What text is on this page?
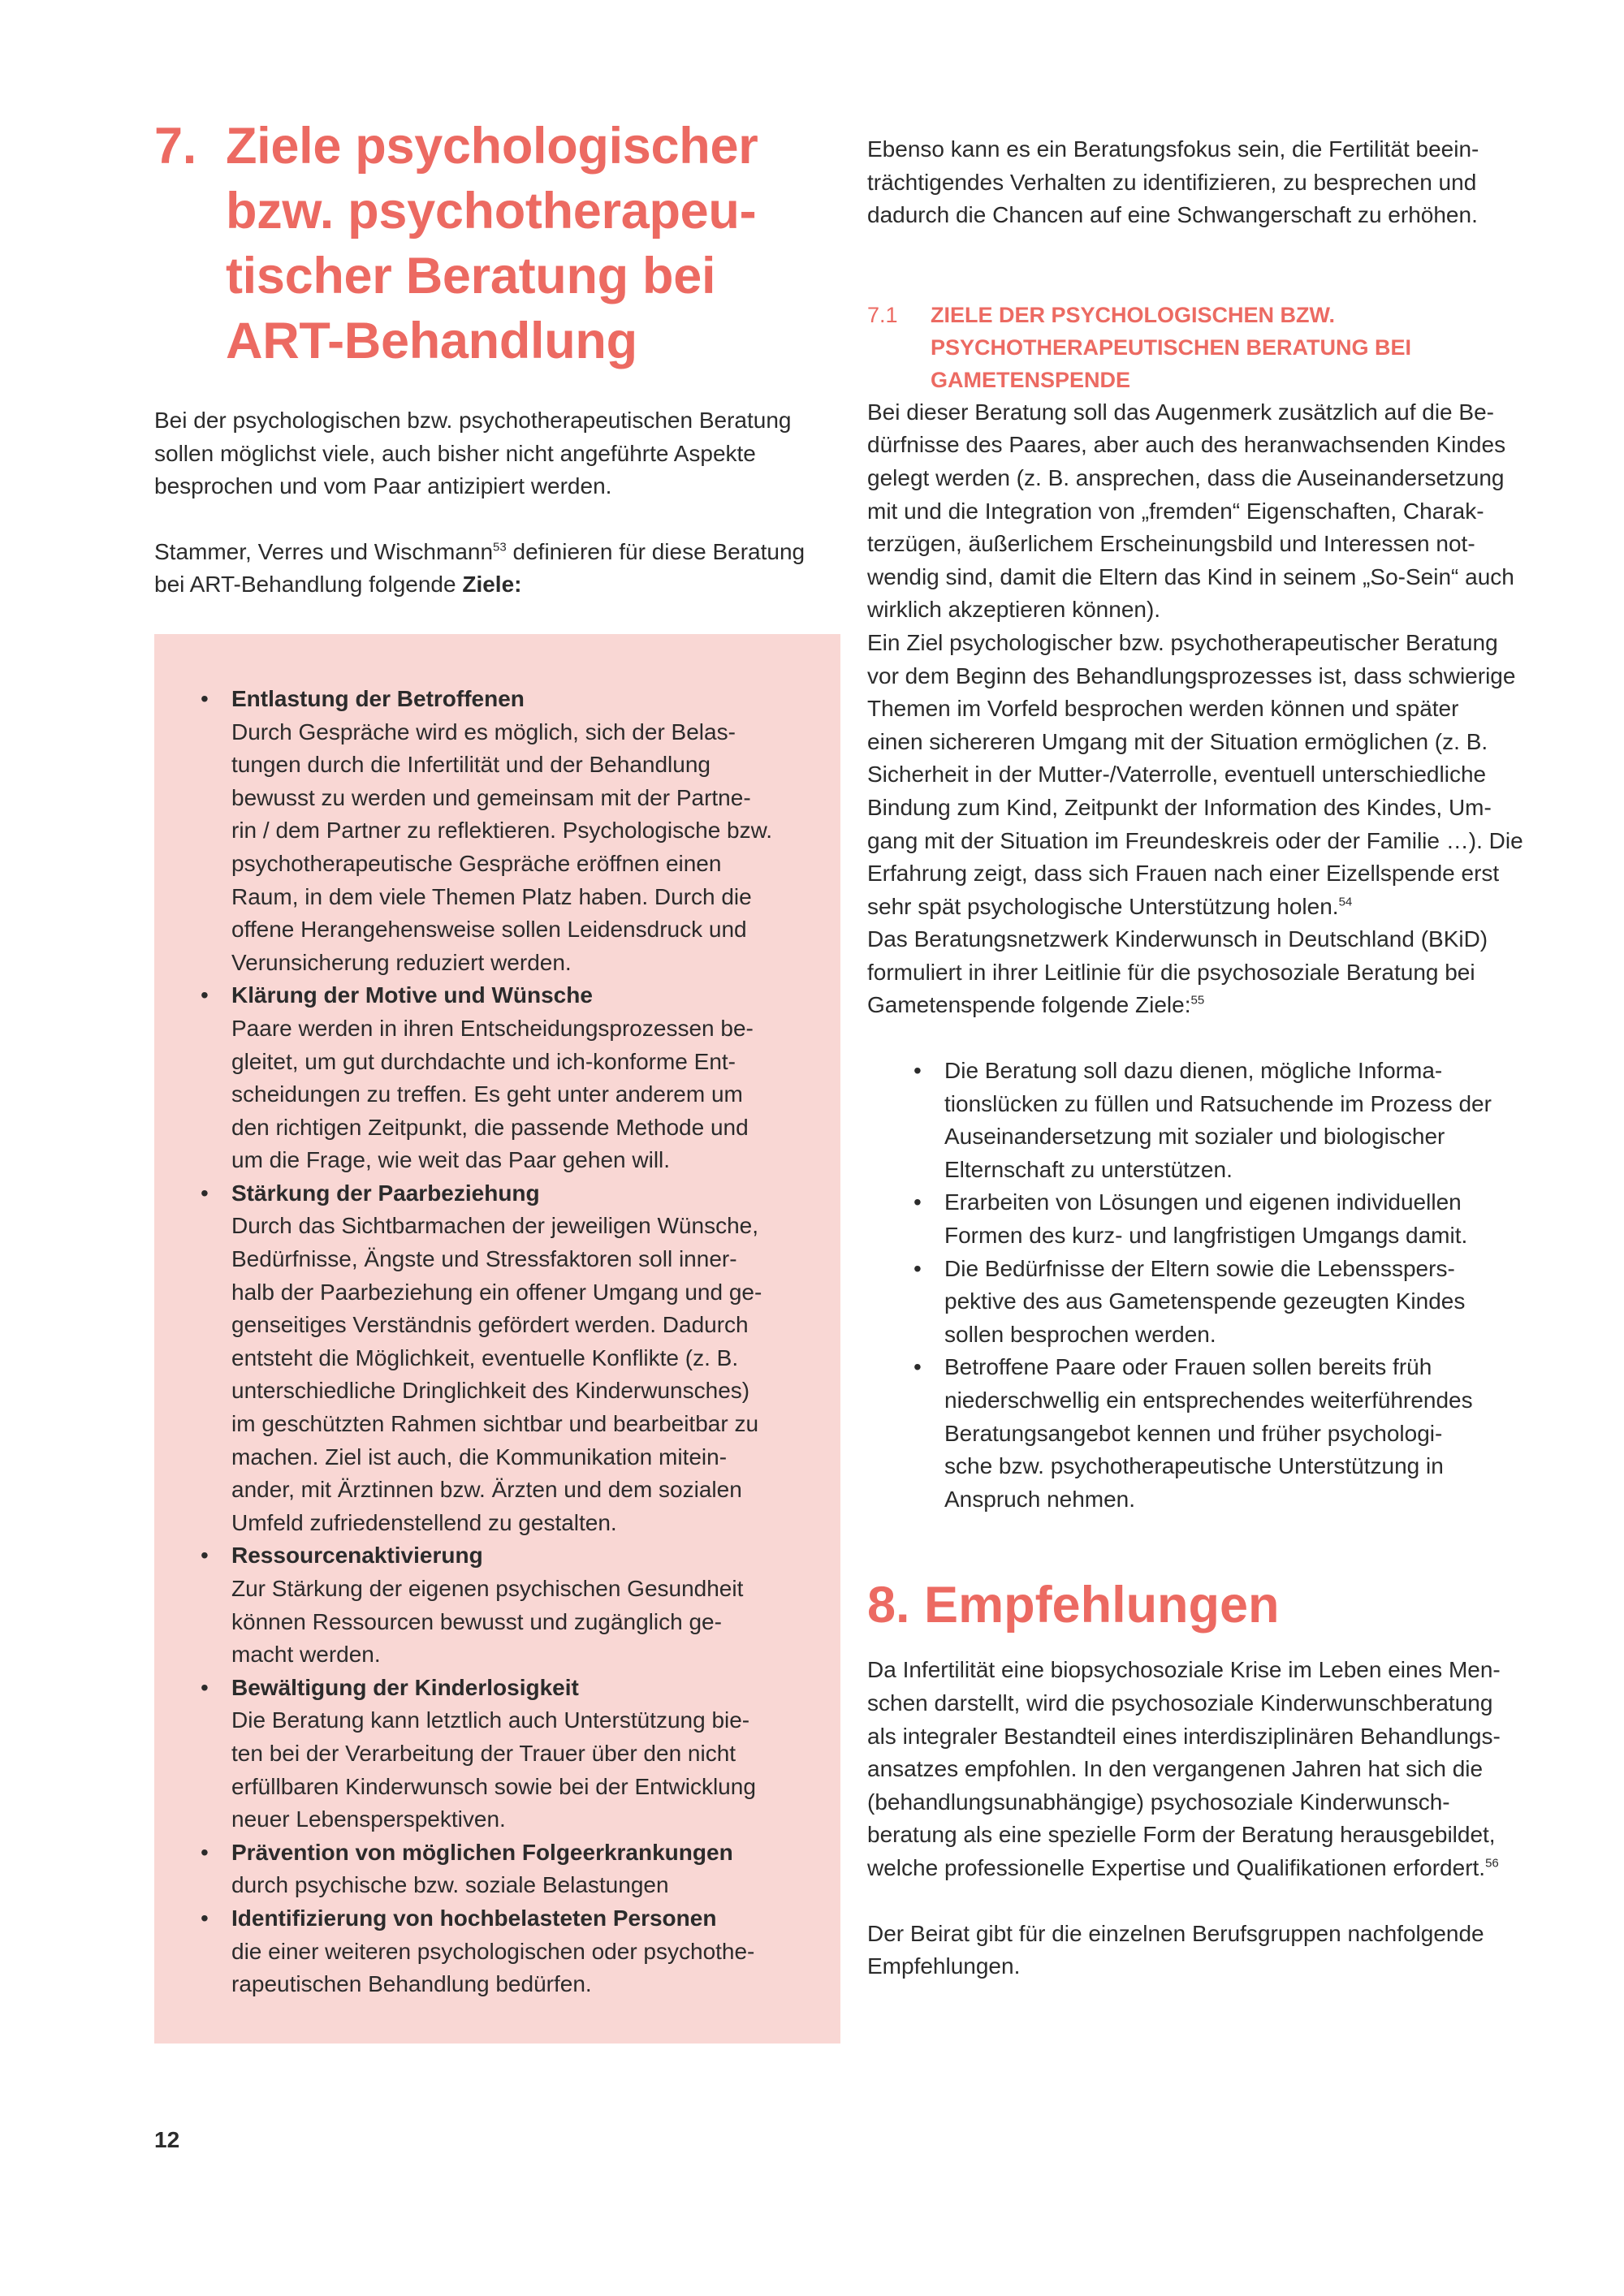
7. Ziele psychologischer
bzw. psychotherapeu-
tischer Beratung bei
ART-Behandlung

Bei der psychologischen bzw. psychotherapeutischen Beratung sollen möglichst viele, auch bisher nicht angeführte Aspekte besprochen und vom Paar antizipiert werden.

Stammer, Verres und Wischmann$^{53}$ definieren für diese Beratung bei ART-Behandlung folgende Ziele:

• Entlastung der Betroffenen
Durch Gespräche wird es möglich, sich der Belas-
tungen durch die Infertilität und der Behandlung
bewusst zu werden und gemeinsam mit der Partne-
rin / dem Partner zu reflektieren. Psychologische bzw.
psychotherapeutische Gespräche eröffnen einen
Raum, in dem viele Themen Platz haben. Durch die
offene Herangehensweise sollen Leidensdruck und
Verunsicherung reduziert werden.
• Klärung der Motive und Wünsche
Paare werden in ihren Entscheidungsprozessen be-
gleitet, um gut durchdachte und ich-konforme Ent-
scheidungen zu treffen. Es geht unter anderem um
den richtigen Zeitpunkt, die passende Methode und
um die Frage, wie weit das Paar gehen will.
• Stärkung der Paarbeziehung
Durch das Sichtbarmachen der jeweiligen Wünsche,
Bedürfnisse, Ängste und Stressfaktoren soll inner-
halb der Paarbeziehung ein offener Umgang und ge-
genseitiges Verständnis gefördert werden. Dadurch
entsteht die Möglichkeit, eventuelle Konflikte (z. B.
unterschiedliche Dringlichkeit des Kinderwunsches)
im geschützten Rahmen sichtbar und bearbeitbar zu
machen. Ziel ist auch, die Kommunikation mitein-
ander, mit Ärztinnen bzw. Ärzten und dem sozialen
Umfeld zufriedenstellend zu gestalten.
• Ressourcenaktivierung
Zur Stärkung der eigenen psychischen Gesundheit
können Ressourcen bewusst und zugänglich ge-
macht werden.
• Bewältigung der Kinderlosigkeit
Die Beratung kann letztlich auch Unterstützung bie-
ten bei der Verarbeitung der Trauer über den nicht
erfüllbaren Kinderwunsch sowie bei der Entwicklung
neuer Lebensperspektiven.
• Prävention von möglichen Folgeerkrankungen
durch psychische bzw. soziale Belastungen
• Identifizierung von hochbelasteten Personen
die einer weiteren psychologischen oder psychothe-
rapeutischen Behandlung bedürfen.

Ebenso kann es ein Beratungsfokus sein, die Fertilität beein-
trächtigendes Verhalten zu identifizieren, zu besprechen und
dadurch die Chancen auf eine Schwangerschaft zu erhöhen.

7.1	ZIELE DER PSYCHOLOGISCHEN BZW.
PSYCHOTHERAPEUTISCHEN BERATUNG BEI
GAMETENSPENDE

Bei dieser Beratung soll das Augenmerk zusätzlich auf die Be-
dürfnisse des Paares, aber auch des heranwachsenden Kindes
gelegt werden (z. B. ansprechen, dass die Auseinandersetzung
mit und die Integration von „fremden“ Eigenschaften, Charak-
terzügen, äußerlichem Erscheinungsbild und Interessen not-
wendig sind, damit die Eltern das Kind in seinem „So-Sein“ auch
wirklich akzeptieren können).
Ein Ziel psychologischer bzw. psychotherapeutischer Beratung
vor dem Beginn des Behandlungsprozesses ist, dass schwierige
Themen im Vorfeld besprochen werden können und später
einen sichereren Umgang mit der Situation ermöglichen (z. B.
Sicherheit in der Mutter-/Vaterrolle, eventuell unterschiedliche
Bindung zum Kind, Zeitpunkt der Information des Kindes, Um-
gang mit der Situation im Freundeskreis oder der Familie …). Die
Erfahrung zeigt, dass sich Frauen nach einer Eizellspende erst
sehr spät psychologische Unterstützung holen.$^{54}$
Das Beratungsnetzwerk Kinderwunsch in Deutschland (BKiD)
formuliert in ihrer Leitlinie für die psychosoziale Beratung bei
Gametenspende folgende Ziele:$^{55}$

• Die Beratung soll dazu dienen, mögliche Informa-
tionslücken zu füllen und Ratsuchende im Prozess der
Auseinandersetzung mit sozialer und biologischer
Elternschaft zu unterstützen.
• Erarbeiten von Lösungen und eigenen individuellen
Formen des kurz- und langfristigen Umgangs damit.
• Die Bedürfnisse der Eltern sowie die Lebensspers-
pektive des aus Gametenspende gezeugten Kindes
sollen besprochen werden.
• Betroffene Paare oder Frauen sollen bereits früh
niederschwellig ein entsprechendes weiterführendes
Beratungsangebot kennen und früher psychologi-
sche bzw. psychotherapeutische Unterstützung in
Anspruch nehmen.
8. Empfehlungen

Da Infertilität eine biopsychosoziale Krise im Leben eines Men-
schen darstellt, wird die psychosoziale Kinderwunschberatung
als integraler Bestandteil eines interdisziplinären Behandlungs-
ansatzes empfohlen. In den vergangenen Jahren hat sich die
(behandlungsunabhängige) psychosoziale Kinderwunsch-
beratung als eine spezielle Form der Beratung herausgebildet,
welche professionelle Expertise und Qualifikationen erfordert.$^{56}$

Der Beirat gibt für die einzelnen Berufsgruppen nachfolgende
Empfehlungen.

12
